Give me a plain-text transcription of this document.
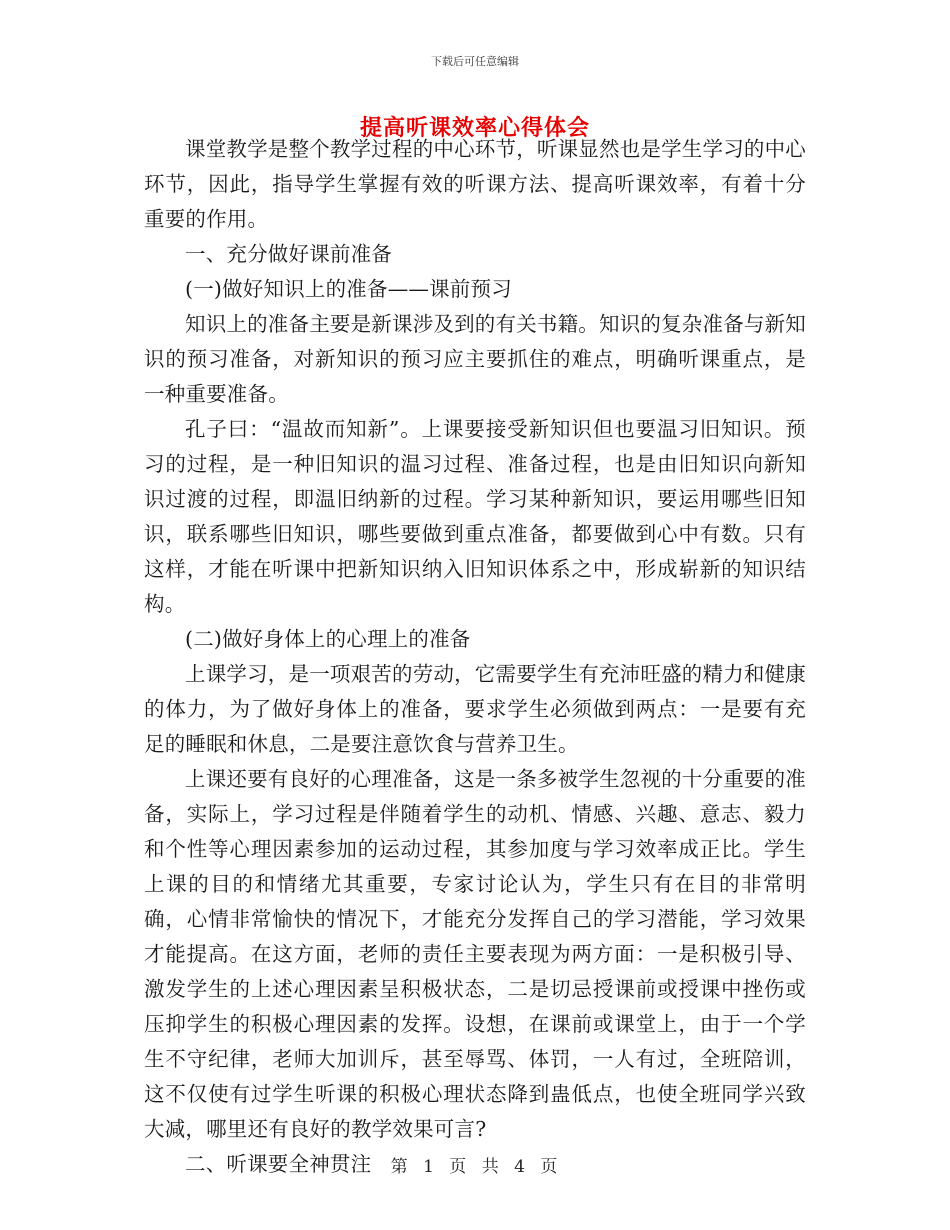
下载后可任意编辑
提高听课效率心得体会

课堂教学是整个教学过程的中心环节，听课显然也是学生学习的中心环节，因此，指导学生掌握有效的听课方法、提高听课效率，有着十分重要的作用。

一、充分做好课前准备

(一)做好知识上的准备——课前预习

知识上的准备主要是新课涉及到的有关书籍。知识的复杂准备与新知识的预习准备，对新知识的预习应主要抓住的难点，明确听课重点，是一种重要准备。

孔子曰：“温故而知新”。上课要接受新知识但也要温习旧知识。预习的过程，是一种旧知识的温习过程、准备过程，也是由旧知识向新知识过渡的过程，即温旧纳新的过程。学习某种新知识，要运用哪些旧知识，联系哪些旧知识，哪些要做到重点准备，都要做到心中有数。只有这样，才能在听课中把新知识纳入旧知识体系之中，形成崭新的知识结构。

(二)做好身体上的心理上的准备

上课学习，是一项艰苦的劳动，它需要学生有充沛旺盛的精力和健康的体力，为了做好身体上的准备，要求学生必须做到两点：一是要有充足的睡眠和休息，二是要注意饮食与营养卫生。

上课还要有良好的心理准备，这是一条多被学生忽视的十分重要的准备，实际上，学习过程是伴随着学生的动机、情感、兴趣、意志、毅力和个性等心理因素参加的运动过程，其参加度与学习效率成正比。学生上课的目的和情绪尤其重要，专家讨论认为，学生只有在目的非常明确，心情非常愉快的情况下，才能充分发挥自己的学习潜能，学习效果才能提高。在这方面，老师的责任主要表现为两方面：一是积极引导、激发学生的上述心理因素呈积极状态，二是切忌授课前或授课中挫伤或压抑学生的积极心理因素的发挥。设想，在课前或课堂上，由于一个学生不守纪律，老师大加训斥，甚至辱骂、体罚，一人有过，全班陪训，这不仅使有过学生听课的积极心理状态降到蛊低点，也使全班同学兴致大减，哪里还有良好的教学效果可言?

二、听课要全神贯注	第 1 页 共 4 页
